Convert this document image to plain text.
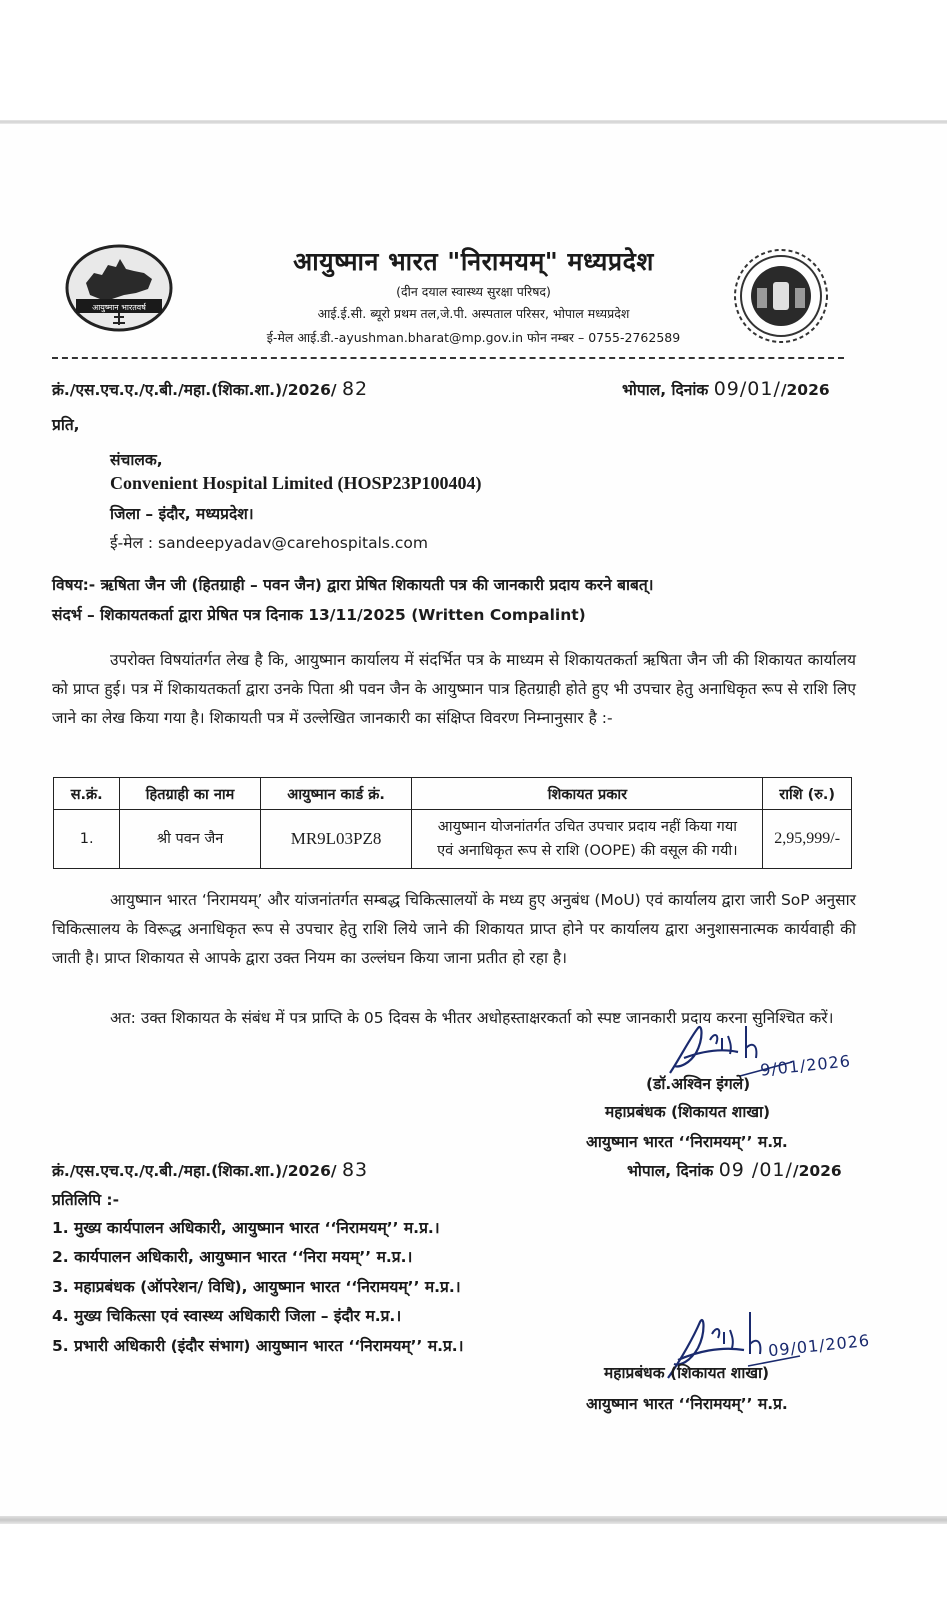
आयुष्मान भारतवर्ष
आयुष्मान भारत "निरामयम्" मध्यप्रदेश
(दीन दयाल स्वास्थ्य सुरक्षा परिषद)
आई.ई.सी. ब्यूरो प्रथम तल,जे.पी. अस्पताल परिसर, भोपाल मध्यप्रदेश
ई-मेल आई.डी.-ayushman.bharat@mp.gov.in फोन नम्बर – 0755-2762589
क्रं./एस.एच.ए./ए.बी./महा.(शिका.शा.)/2026/ 82	भोपाल, दिनांक 09/01//2026
प्रति,
संचालक,
Convenient Hospital Limited (HOSP23P100404)
जिला – इंदौर, मध्यप्रदेश।
ई-मेल : sandeepyadav@carehospitals.com
विषय:- ऋषिता जैन जी (हितग्राही – पवन जैन) द्वारा प्रेषित शिकायती पत्र की जानकारी प्रदाय करने बाबत्।
संदर्भ – शिकायतकर्ता द्वारा प्रेषित पत्र दिनाक 13/11/2025 (Written Compalint)
उपरोक्त विषयांतर्गत लेख है कि, आयुष्मान कार्यालय में संदर्भित पत्र के माध्यम से शिकायतकर्ता ऋषिता जैन जी की शिकायत कार्यालय को प्राप्त हुई। पत्र में शिकायतकर्ता द्वारा उनके पिता श्री पवन जैन के आयुष्मान पात्र हितग्राही होते हुए भी उपचार हेतु अनाधिकृत रूप से राशि लिए जाने का लेख किया गया है। शिकायती पत्र में उल्लेखित जानकारी का संक्षिप्त विवरण निम्नानुसार है :-
स.क्रं.	हितग्राही का नाम	आयुष्मान कार्ड क्रं.	शिकायत प्रकार	राशि (रु.)
1.	श्री पवन जैन	MR9L03PZ8	आयुष्मान योजनांतर्गत उचित उपचार प्रदाय नहीं किया गया
एवं अनाधिकृत रूप से राशि (OOPE) की वसूल की गयी।	2,95,999/-
आयुष्मान भारत ‘निरामयम्’ और यांजनांतर्गत सम्बद्ध चिकित्सालयों के मध्य हुए अनुबंध (MoU) एवं कार्यालय द्वारा जारी SoP अनुसार चिकित्सालय के विरूद्ध अनाधिकृत रूप से उपचार हेतु राशि लिये जाने की शिकायत प्राप्त होने पर कार्यालय द्वारा अनुशासनात्मक कार्यवाही की जाती है। प्राप्त शिकायत से आपके द्वारा उक्त नियम का उल्लंघन किया जाना प्रतीत हो रहा है।
अत: उक्त शिकायत के संबंध में पत्र प्राप्ति के 05 दिवस के भीतर अधोहस्ताक्षरकर्ता को स्पष्ट जानकारी प्रदाय करना सुनिश्चित करें।
9/01/2026
(डॉ.अश्विन इंगले)
महाप्रबंधक (शिकायत शाखा)
आयुष्मान भारत ‘‘निरामयम्’’ म.प्र.
क्रं./एस.एच.ए./ए.बी./महा.(शिका.शा.)/2026/ 83	भोपाल, दिनांक 09 /01//2026
प्रतिलिपि :-
1. मुख्य कार्यपालन अधिकारी, आयुष्मान भारत ‘‘निरामयम्’’ म.प्र.।
2. कार्यपालन अधिकारी, आयुष्मान भारत ‘‘निरा मयम्’’ म.प्र.।
3. महाप्रबंधक (ऑपरेशन/ विधि), आयुष्मान भारत ‘‘निरामयम्’’ म.प्र.।
4. मुख्य चिकित्सा एवं स्वास्थ्य अधिकारी जिला – इंदौर म.प्र.।
5. प्रभारी अधिकारी (इंदौर संभाग) आयुष्मान भारत ‘‘निरामयम्’’ म.प्र.।	09/01/2026
महाप्रबंधक (शिकायत शाखा)
आयुष्मान भारत ‘‘निरामयम्’’ म.प्र.
